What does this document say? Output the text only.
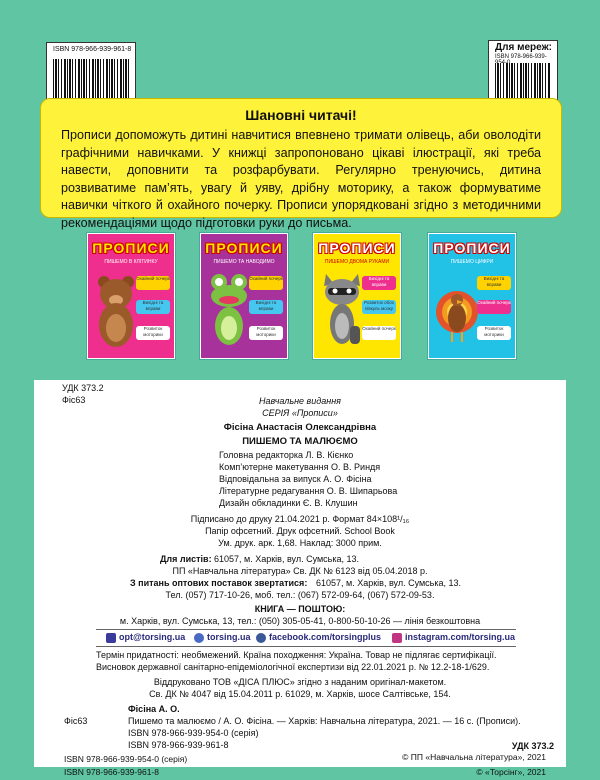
ISBN 978-966-939-961-8	Для мереж:
ISBN 978-966-939-
Шановні читачі!

Прописи допоможуть дитині навчитися впевнено тримати олівець, аби оволодіти графічними навичками. У книжці запропоновано цікаві ілюстрації, які треба навести, доповнити та розфарбувати. Регулярно тренуючись, дитина розвиватиме пам’ять, увагу й уяву, дрібну моторику, а також формуватиме навички чіткого й охайного почерку. Прописи упорядковані згідно з методичними рекомендаціями щодо підготовки руки до письма.

ПРОПИСИ
ПИШЕМО В КЛІТИНКУ
Охайний почерк
Вихідні та вправи
Розвиток моторики
ПРОПИСИ
ПИШЕМО ТА НАВОДИМО
Охайний почерк
Вихідні та вправи
Розвиток моторики
ПРОПИСИ
ПИШЕМО ДВОМА РУКАМИ
Вихідні та вправи
Розвиток обох півкуль мозку
Охайний почерк
ПРОПИСИ
ПИШЕМО ЦИФРИ
Вихідні та вправи
Охайний почерк
Розвиток моторики
УДК 373.2
Фіс63	Навчальне видання
СЕРІЯ «Прописи»
Фісіна Анастасія Олександрівна
ПИШЕМО ТА МАЛЮЄМО
Головна редакторка Л. В. Кієнко
Комп’ютерне макетування О. В. Риндя
Відповідальна за випуск А. О. Фісіна
Літературне редагування О. В. Шипарьова
Дизайн обкладинки Є. В. Клушин
Підписано до друку 21.04.2021 р. Формат 84×108¹/₁₆
Папір офсетний. Друк офсетний. School Book
Ум. друк. арк. 1,68. Наклад: 3000 прим.
Для листів: 61057, м. Харків, вул. Сумська, 13.
ПП «Навчальна література» Св. ДК № 6123 від 05.04.2018 р.
З питань оптових поставок звертатися: 61057, м. Харків, вул. Сумська, 13.
Тел. (057) 717-10-26, моб. тел.: (067) 572-09-64, (067) 572-09-53.
КНИГА — ПОШТОЮ:
м. Харків, вул. Сумська, 13, тел.: (050) 305-05-41, 0-800-50-10-26 — лінія безкоштовна
opt@torsing.ua	torsing.ua	facebook.com/torsingplus	instagram.com/torsing.ua
Термін придатності: необмежений. Країна походження: Україна. Товар не підлягає сертифікації.
Висновок державної санітарно-епідеміологічної експертизи від 22.01.2021 р. № 12.2-18-1/629.
Віддруковано ТОВ «ДІСА ПЛЮС» згідно з наданим оригінал-макетом.
Св. ДК № 4047 від 15.04.2011 р. 61029, м. Харків, шосе Салтівське, 154.
Фісіна А. О.
Фіс63	Пишемо та малюємо / А. О. Фісіна. — Харків: Навчальна література, 2021. — 16 с. (Прописи).
ISBN 978-966-939-954-0 (серія)
ISBN 978-966-939-961-8	УДК 373.2
ISBN 978-966-939-954-0 (серія)	© ПП «Навчальна література», 2021
ISBN 978-966-939-961-8	© «Торсінг», 2021
